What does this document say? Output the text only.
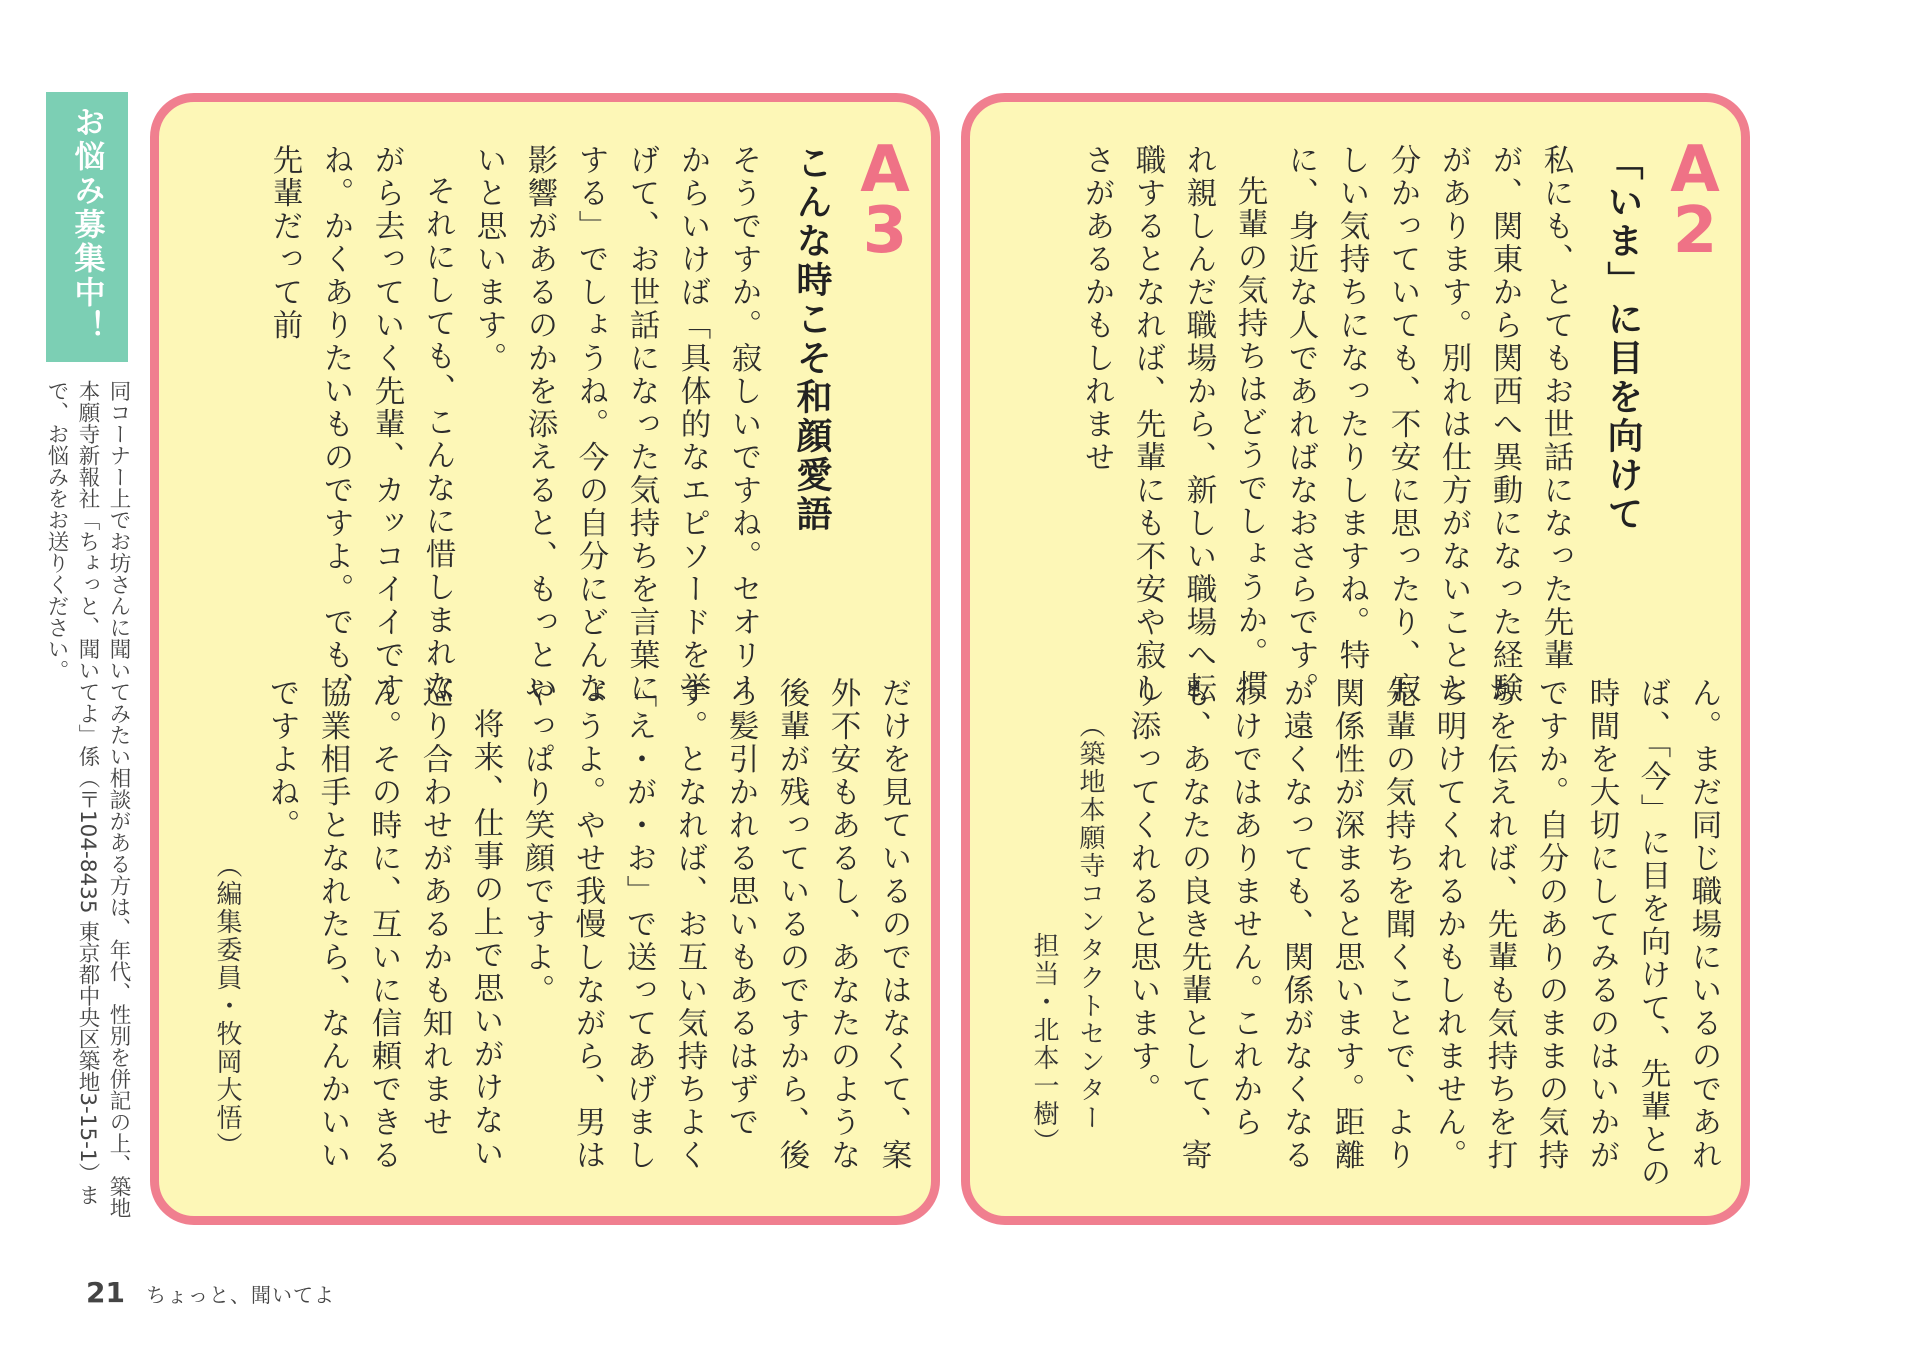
お悩み募集中！
同コーナー上でお坊さんに聞いてみたい相談がある方は、年代、性別を併記の上、築地本願寺新報社「ちょっと、聞いてよ」係（〒104-8435 東京都中央区築地3-15-1）まで、お悩みをお送りください。
A
3
こんな時こそ和顔愛語

そうですか。寂しいですね。セオリーからいけば「具体的なエピソードを挙げて、お世話になった気持ちを言葉にする」でしょうね。今の自分にどんな影響があるのかを添えると、もっといいと思います。

それにしても、こんなに惜しまれながら去っていく先輩、カッコイイですね。かくありたいものですよ。でも、先輩だって前

だけを見ているのではなくて、案外不安もあるし、あなたのような後輩が残っているのですから、後ろ髪引かれる思いもあるはずです。となれば、お互い気持ちよく「え・が・お」で送ってあげましょうよ。やせ我慢しながら、男はやっぱり笑顔ですよ。

将来、仕事の上で思いがけない巡り合わせがあるかも知れません。その時に、互いに信頼できる協業相手となれたら、なんかいいですよね。

（編集委員・牧岡大悟）
A
2
「いま」に目を向けて

私にも、とてもお世話になった先輩が、関東から関西へ異動になった経験があります。別れは仕方がないことと分かっていても、不安に思ったり、寂しい気持ちになったりしますね。特に、身近な人であればなおさらです。

先輩の気持ちはどうでしょうか。慣れ親しんだ職場から、新しい職場へ転職するとなれば、先輩にも不安や寂しさがあるかもしれませ

ん。まだ同じ職場にいるのであれば、「今」に目を向けて、先輩との時間を大切にしてみるのはいかがですか。自分のありのままの気持ちを伝えれば、先輩も気持ちを打ち明けてくれるかもしれません。先輩の気持ちを聞くことで、より関係性が深まると思います。距離が遠くなっても、関係がなくなるわけではありません。これからも、あなたの良き先輩として、寄り添ってくれると思います。

（築地本願寺コンタクトセンター
担当・北本一樹）
21 ちょっと、聞いてよ
